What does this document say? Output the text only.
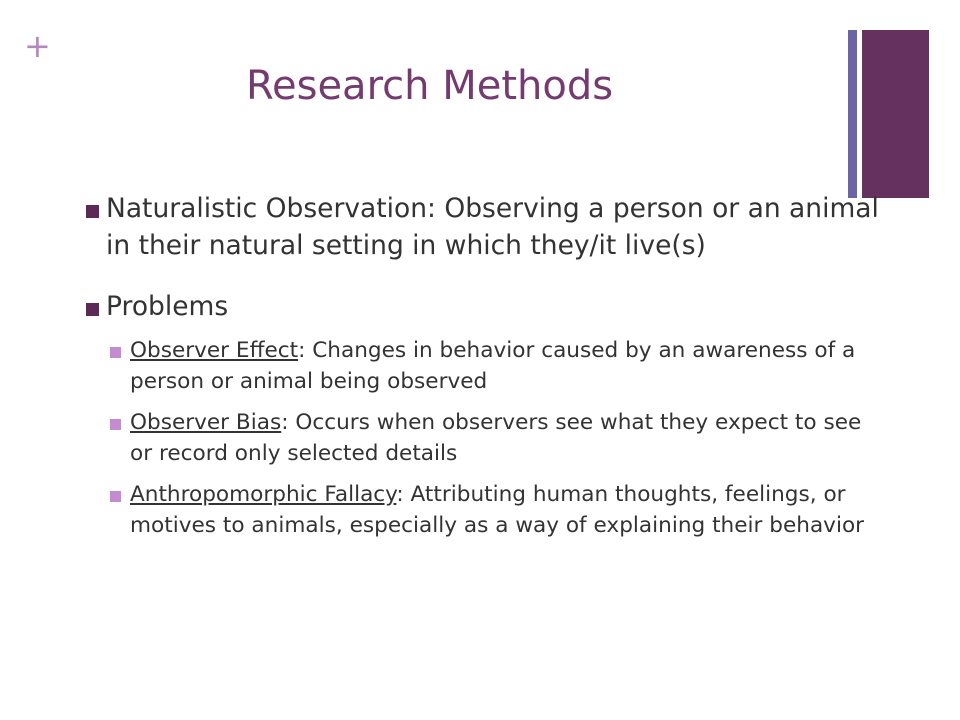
+
Research Methods

Naturalistic Observation: Observing a person or an animal in their natural setting in which they/it live(s)

Problems

Observer Effect: Changes in behavior caused by an awareness of a person or animal being observed

Observer Bias: Occurs when observers see what they expect to see or record only selected details

Anthropomorphic Fallacy: Attributing human thoughts, feelings, or motives to animals, especially as a way of explaining their behavior
